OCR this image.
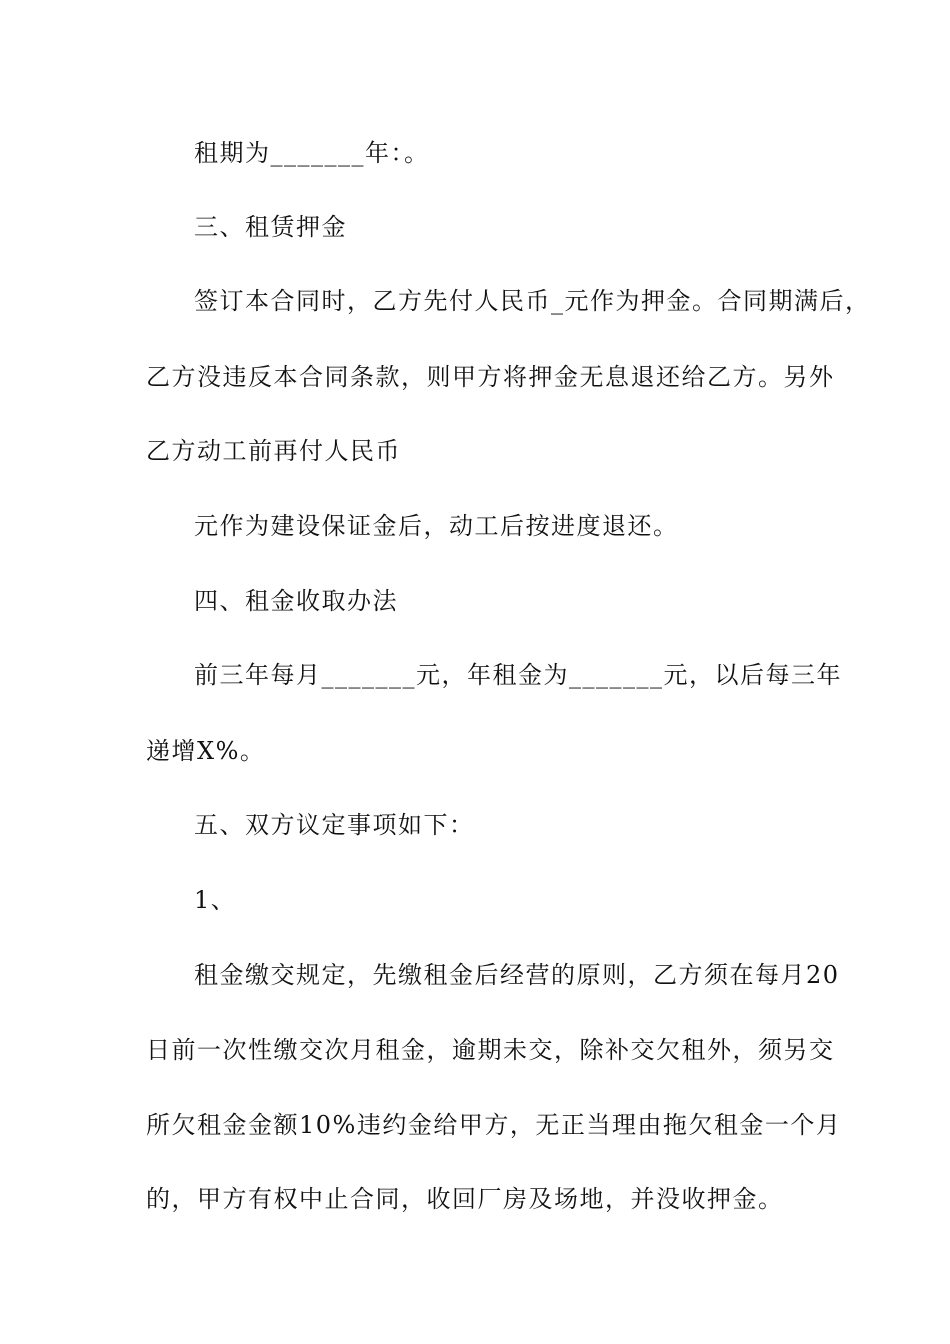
租期为_______年：。
三、租赁押金
签订本合同时，乙方先付人民币_元作为押金。合同期满后，
乙方没违反本合同条款，则甲方将押金无息退还给乙方。另外
乙方动工前再付人民币
元作为建设保证金后，动工后按进度退还。
四、租金收取办法
前三年每月_______元，年租金为_______元，以后每三年
递增X%。
五、双方议定事项如下：
1、
租金缴交规定，先缴租金后经营的原则，乙方须在每月20
日前一次性缴交次月租金，逾期未交，除补交欠租外，须另交
所欠租金金额10%违约金给甲方，无正当理由拖欠租金一个月
的，甲方有权中止合同，收回厂房及场地，并没收押金。
